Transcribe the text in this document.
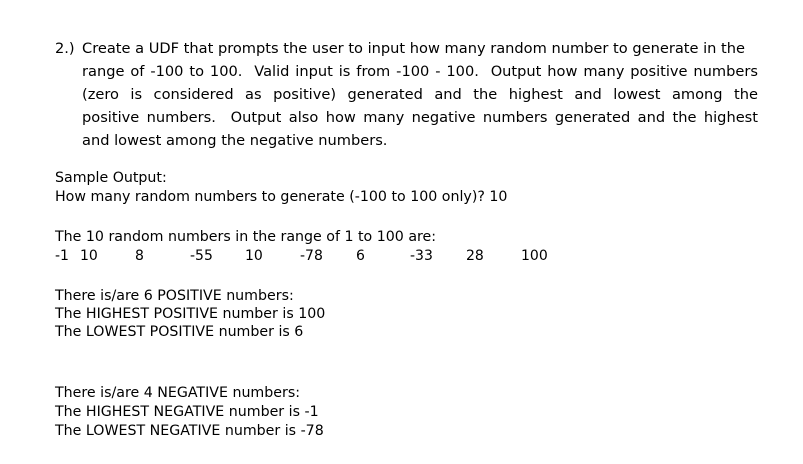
2.) Create a UDF that prompts the user to input how many random number to generate in the
range of -100 to 100.  Valid input is from -100 - 100.  Output how many positive numbers
(zero is considered as positive) generated and the highest and lowest among the
positive numbers.  Output also how many negative numbers generated and the highest
and lowest among the negative numbers.
Sample Output:
How many random numbers to generate (-100 to 100 only)? 10
The 10 random numbers in the range of 1 to 100 are:
-1 10	8	-55 10	-78 6	-33 28	100
There is/are 6 POSITIVE numbers:
The HIGHEST POSITIVE number is 100
The LOWEST POSITIVE number is 6
There is/are 4 NEGATIVE numbers:
The HIGHEST NEGATIVE number is -1
The LOWEST NEGATIVE number is -78
